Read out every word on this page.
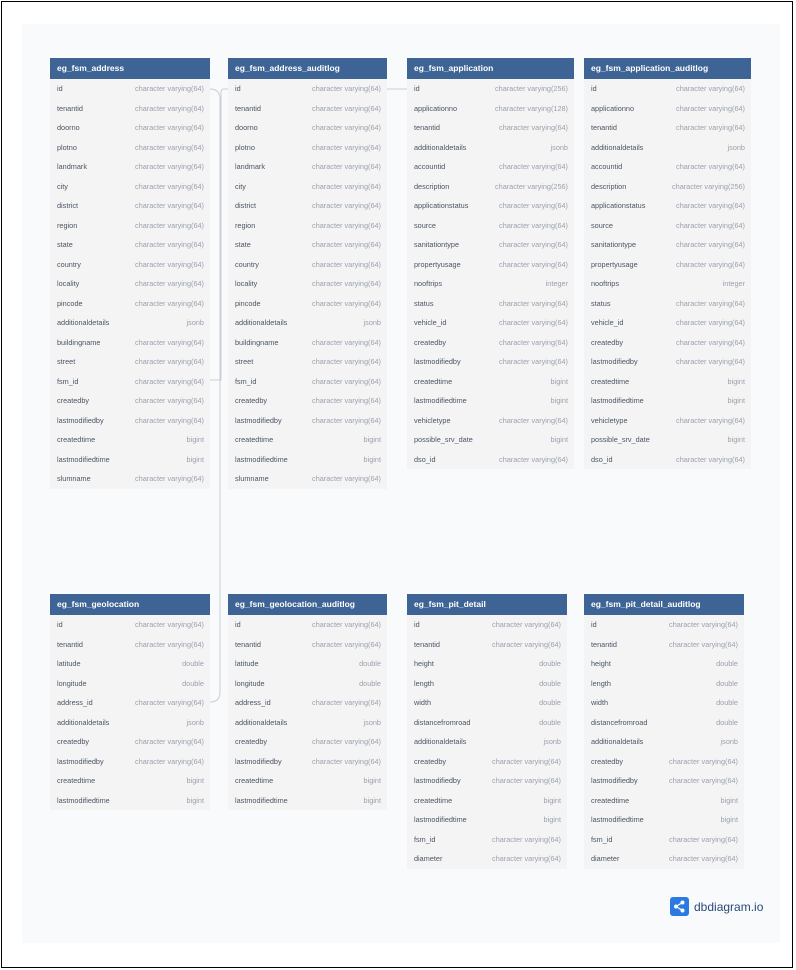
eg_fsm_address
id	character varying(64)
tenantid	character varying(64)
doorno	character varying(64)
plotno	character varying(64)
landmark	character varying(64)
city	character varying(64)
district	character varying(64)
region	character varying(64)
state	character varying(64)
country	character varying(64)
locality	character varying(64)
pincode	character varying(64)
additionaldetails	jsonb
buildingname	character varying(64)
street	character varying(64)
fsm_id	character varying(64)
createdby	character varying(64)
lastmodifiedby	character varying(64)
createdtime	bigint
lastmodifiedtime	bigint
slumname	character varying(64)
eg_fsm_address_auditlog
id	character varying(64)
tenantid	character varying(64)
doorno	character varying(64)
plotno	character varying(64)
landmark	character varying(64)
city	character varying(64)
district	character varying(64)
region	character varying(64)
state	character varying(64)
country	character varying(64)
locality	character varying(64)
pincode	character varying(64)
additionaldetails	jsonb
buildingname	character varying(64)
street	character varying(64)
fsm_id	character varying(64)
createdby	character varying(64)
lastmodifiedby	character varying(64)
createdtime	bigint
lastmodifiedtime	bigint
slumname	character varying(64)
eg_fsm_application
id	character varying(256)
applicationno	character varying(128)
tenantid	character varying(64)
additionaldetails	jsonb
accountid	character varying(64)
description	character varying(256)
applicationstatus	character varying(64)
source	character varying(64)
sanitationtype	character varying(64)
propertyusage	character varying(64)
nooftrips	integer
status	character varying(64)
vehicle_id	character varying(64)
createdby	character varying(64)
lastmodifiedby	character varying(64)
createdtime	bigint
lastmodifiedtime	bigint
vehicletype	character varying(64)
possible_srv_date	bigint
dso_id	character varying(64)
eg_fsm_application_auditlog
id	character varying(64)
applicationno	character varying(64)
tenantid	character varying(64)
additionaldetails	jsonb
accountid	character varying(64)
description	character varying(256)
applicationstatus	character varying(64)
source	character varying(64)
sanitationtype	character varying(64)
propertyusage	character varying(64)
nooftrips	integer
status	character varying(64)
vehicle_id	character varying(64)
createdby	character varying(64)
lastmodifiedby	character varying(64)
createdtime	bigint
lastmodifiedtime	bigint
vehicletype	character varying(64)
possible_srv_date	bigint
dso_id	character varying(64)
eg_fsm_geolocation
id	character varying(64)
tenantid	character varying(64)
latitude	double
longitude	double
address_id	character varying(64)
additionaldetails	jsonb
createdby	character varying(64)
lastmodifiedby	character varying(64)
createdtime	bigint
lastmodifiedtime	bigint
eg_fsm_geolocation_auditlog
id	character varying(64)
tenantid	character varying(64)
latitude	double
longitude	double
address_id	character varying(64)
additionaldetails	jsonb
createdby	character varying(64)
lastmodifiedby	character varying(64)
createdtime	bigint
lastmodifiedtime	bigint
eg_fsm_pit_detail
id	character varying(64)
tenantid	character varying(64)
height	double
length	double
width	double
distancefromroad	double
additionaldetails	jsonb
createdby	character varying(64)
lastmodifiedby	character varying(64)
createdtime	bigint
lastmodifiedtime	bigint
fsm_id	character varying(64)
diameter	character varying(64)
eg_fsm_pit_detail_auditlog
id	character varying(64)
tenantid	character varying(64)
height	double
length	double
width	double
distancefromroad	double
additionaldetails	jsonb
createdby	character varying(64)
lastmodifiedby	character varying(64)
createdtime	bigint
lastmodifiedtime	bigint
fsm_id	character varying(64)
diameter	character varying(64)
dbdiagram.io
